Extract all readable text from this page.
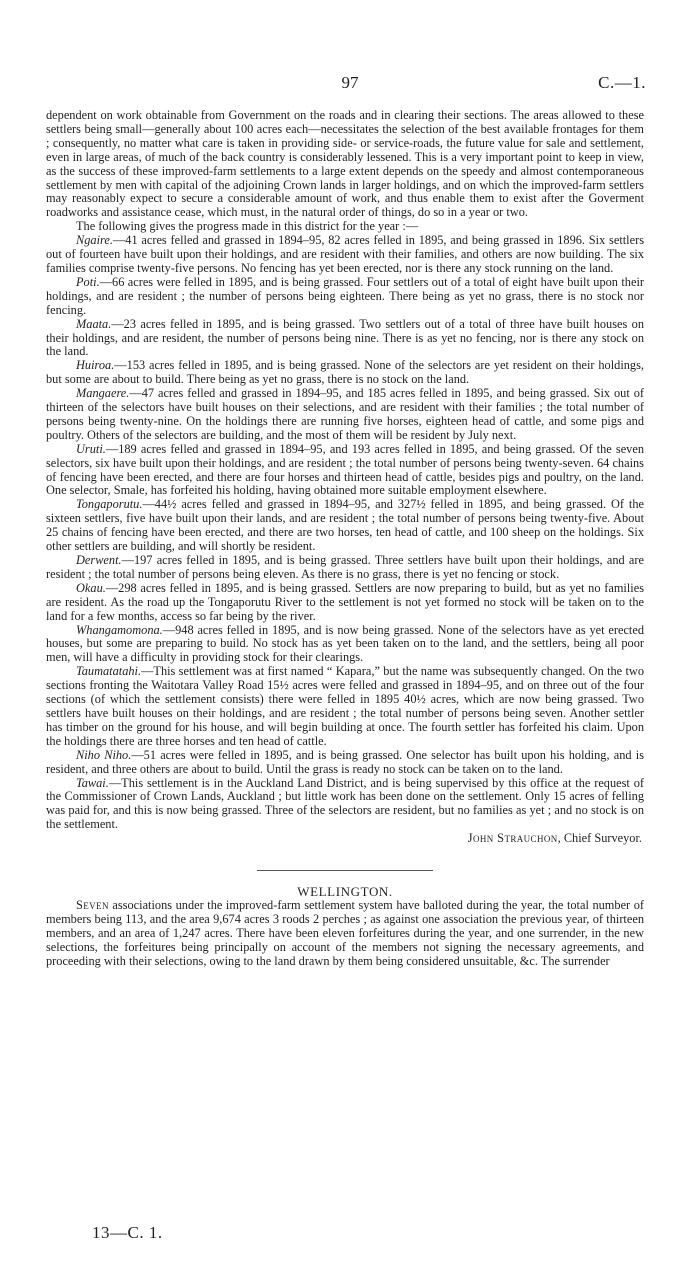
97	C.—1.

dependent on work obtainable from Government on the roads and in clearing their sections. The areas allowed to these settlers being small—generally about 100 acres each—necessitates the selection of the best available frontages for them ; consequently, no matter what care is taken in providing side- or service-roads, the future value for sale and settlement, even in large areas, of much of the back country is considerably lessened. This is a very important point to keep in view, as the success of these improved-farm settlements to a large extent depends on the speedy and almost contemporaneous settlement by men with capital of the adjoining Crown lands in larger holdings, and on which the improved-farm settlers may reasonably expect to secure a considerable amount of work, and thus enable them to exist after the Goverment roadworks and assistance cease, which must, in the natural order of things, do so in a year or two.

The following gives the progress made in this district for the year :—

Ngaire.—41 acres felled and grassed in 1894–95, 82 acres felled in 1895, and being grassed in 1896. Six settlers out of fourteen have built upon their holdings, and are resident with their families, and others are now building. The six families comprise twenty-five persons. No fencing has yet been erected, nor is there any stock running on the land.

Poti.—66 acres were felled in 1895, and is being grassed. Four settlers out of a total of eight have built upon their holdings, and are resident ; the number of persons being eighteen. There being as yet no grass, there is no stock nor fencing.

Maata.—23 acres felled in 1895, and is being grassed. Two settlers out of a total of three have built houses on their holdings, and are resident, the number of persons being nine. There is as yet no fencing, nor is there any stock on the land.

Huiroa.—153 acres felled in 1895, and is being grassed. None of the selectors are yet resident on their holdings, but some are about to build. There being as yet no grass, there is no stock on the land.

Mangaere.—47 acres felled and grassed in 1894–95, and 185 acres felled in 1895, and being grassed. Six out of thirteen of the selectors have built houses on their selections, and are resident with their families ; the total number of persons being twenty-nine. On the holdings there are running five horses, eighteen head of cattle, and some pigs and poultry. Others of the selectors are building, and the most of them will be resident by July next.

Uruti.—189 acres felled and grassed in 1894–95, and 193 acres felled in 1895, and being grassed. Of the seven selectors, six have built upon their holdings, and are resident ; the total number of persons being twenty-seven. 64 chains of fencing have been erected, and there are four horses and thirteen head of cattle, besides pigs and poultry, on the land. One selector, Smale, has forfeited his holding, having obtained more suitable employment elsewhere.

Tongaporutu.—44½ acres felled and grassed in 1894–95, and 327½ felled in 1895, and being grassed. Of the sixteen settlers, five have built upon their lands, and are resident ; the total number of persons being twenty-five. About 25 chains of fencing have been erected, and there are two horses, ten head of cattle, and 100 sheep on the holdings. Six other settlers are building, and will shortly be resident.

Derwent.—197 acres felled in 1895, and is being grassed. Three settlers have built upon their holdings, and are resident ; the total number of persons being eleven. As there is no grass, there is yet no fencing or stock.

Okau.—298 acres felled in 1895, and is being grassed. Settlers are now preparing to build, but as yet no families are resident. As the road up the Tongaporutu River to the settlement is not yet formed no stock will be taken on to the land for a few months, access so far being by the river.

Whangamomona.—948 acres felled in 1895, and is now being grassed. None of the selectors have as yet erected houses, but some are preparing to build. No stock has as yet been taken on to the land, and the settlers, being all poor men, will have a difficulty in providing stock for their clearings.

Taumatatahi.—This settlement was at first named “ Kapara,” but the name was subsequently changed. On the two sections fronting the Waitotara Valley Road 15½ acres were felled and grassed in 1894–95, and on three out of the four sections (of which the settlement consists) there were felled in 1895 40½ acres, which are now being grassed. Two settlers have built houses on their holdings, and are resident ; the total number of persons being seven. Another settler has timber on the ground for his house, and will begin building at once. The fourth settler has forfeited his claim. Upon the holdings there are three horses and ten head of cattle.

Niho Niho.—51 acres were felled in 1895, and is being grassed. One selector has built upon his holding, and is resident, and three others are about to build. Until the grass is ready no stock can be taken on to the land.

Tawai.—This settlement is in the Auckland Land District, and is being supervised by this office at the request of the Commissioner of Crown Lands, Auckland ; but little work has been done on the settlement. Only 15 acres of felling was paid for, and this is now being grassed. Three of the selectors are resident, but no families as yet ; and no stock is on the settlement.

John Strauchon, Chief Surveyor.

WELLINGTON.

Seven associations under the improved-farm settlement system have balloted during the year, the total number of members being 113, and the area 9,674 acres 3 roods 2 perches ; as against one association the previous year, of thirteen members, and an area of 1,247 acres. There have been eleven forfeitures during the year, and one surrender, in the new selections, the forfeitures being principally on account of the members not signing the necessary agreements, and proceeding with their selections, owing to the land drawn by them being considered unsuitable, &c. The surrender

13—C. 1.
